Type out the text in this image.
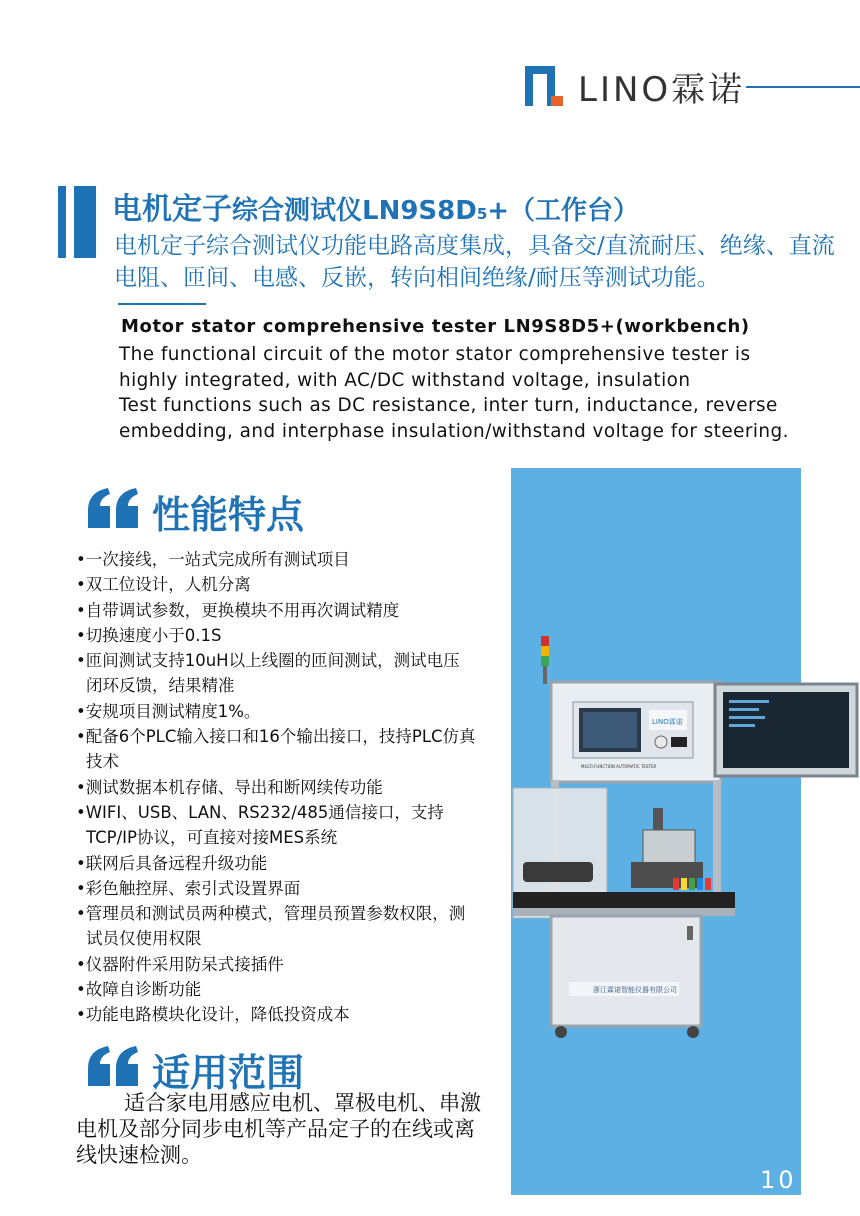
LINO霖诺
电机定子综合测试仪LN9S8D5+（工作台）
电机定子综合测试仪功能电路高度集成，具备交/直流耐压、绝缘、直流电阻、匝间、电感、反嵌，转向相间绝缘/耐压等测试功能。
Motor stator comprehensive tester LN9S8D5+(workbench)
The functional circuit of the motor stator comprehensive tester is
highly integrated, with AC/DC withstand voltage, insulation
Test functions such as DC resistance, inter turn, inductance, reverse
embedding, and interphase insulation/withstand voltage for steering.
LINO霖诺
MULTI-FUNCTION AUTOMATIC TESTER
浙江霖诺智能仪器有限公司
性能特点
•一次接线，一站式完成所有测试项目
•双工位设计，人机分离
•自带调试参数，更换模块不用再次调试精度
•切换速度小于0.1S
•匝间测试支持10uH以上线圈的匝间测试，测试电压闭环反馈，结果精准
•安规项目测试精度1%。
•配备6个PLC输入接口和16个输出接口，技持PLC仿真技术
•测试数据本机存储、导出和断网续传功能
•WIFI、USB、LAN、RS232/485通信接口，支持TCP/IP协议，可直接对接MES系统
•联网后具备远程升级功能
•彩色触控屏、索引式设置界面
•管理员和测试员两种模式，管理员预置参数权限，测试员仅使用权限
•仪器附件采用防呆式接插件
•故障自诊断功能
•功能电路模块化设计，降低投资成本
适用范围
适合家电用感应电机、罩极电机、串激电机及部分同步电机等产品定子的在线或离线快速检测。
10
